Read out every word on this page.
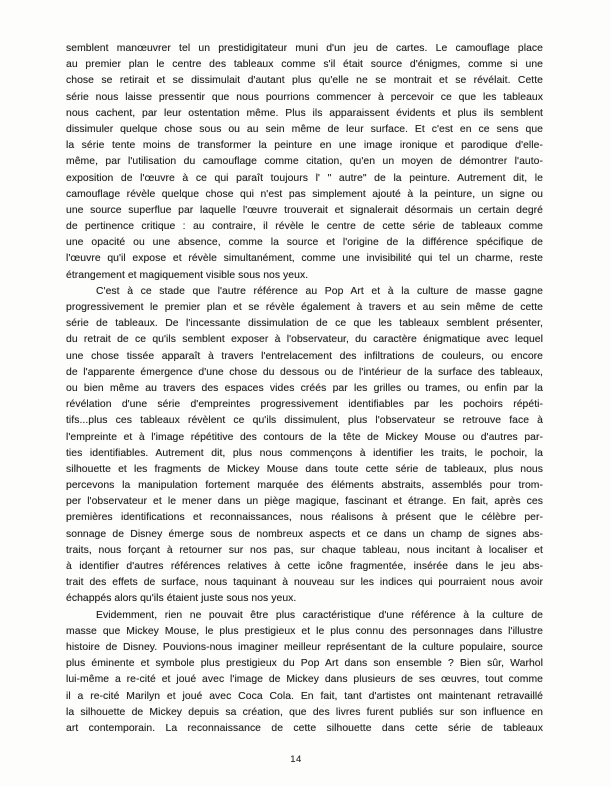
semblent manœuvrer tel un prestidigitateur muni d'un jeu de cartes. Le camouflage place
au premier plan le centre des tableaux comme s'il était source d'énigmes, comme si une
chose se retirait et se dissimulait d'autant plus qu'elle ne se montrait et se révélait. Cette
série nous laisse pressentir que nous pourrions commencer à percevoir ce que les tableaux
nous cachent, par leur ostentation même. Plus ils apparaissent évidents et plus ils semblent
dissimuler quelque chose sous ou au sein même de leur surface. Et c'est en ce sens que
la série tente moins de transformer la peinture en une image ironique et parodique d'elle-
même, par l'utilisation du camouflage comme citation, qu'en un moyen de démontrer l'auto-
exposition de l'œuvre à ce qui paraît toujours l' " autre" de la peinture. Autrement dit, le
camouflage révèle quelque chose qui n'est pas simplement ajouté à la peinture, un signe ou
une source superflue par laquelle l'œuvre trouverait et signalerait désormais un certain degré
de pertinence critique : au contraire, il révèle le centre de cette série de tableaux comme
une opacité ou une absence, comme la source et l'origine de la différence spécifique de
l'œuvre qu'il expose et révèle simultanément, comme une invisibilité qui tel un charme, reste
étrangement et magiquement visible sous nos yeux.
C'est à ce stade que l'autre référence au Pop Art et à la culture de masse gagne
progressivement le premier plan et se révèle également à travers et au sein même de cette
série de tableaux. De l'incessante dissimulation de ce que les tableaux semblent présenter,
du retrait de ce qu'ils semblent exposer à l'observateur, du caractère énigmatique avec lequel
une chose tissée apparaît à travers l'entrelacement des infiltrations de couleurs, ou encore
de l'apparente émergence d'une chose du dessous ou de l'intérieur de la surface des tableaux,
ou bien même au travers des espaces vides créés par les grilles ou trames, ou enfin par la
révélation d'une série d'empreintes progressivement identifiables par les pochoirs répéti-
tifs...plus ces tableaux révèlent ce qu'ils dissimulent, plus l'observateur se retrouve face à
l'empreinte et à l'image répétitive des contours de la tête de Mickey Mouse ou d'autres par-
ties identifiables. Autrement dit, plus nous commençons à identifier les traits, le pochoir, la
silhouette et les fragments de Mickey Mouse dans toute cette série de tableaux, plus nous
percevons la manipulation fortement marquée des éléments abstraits, assemblés pour trom-
per l'observateur et le mener dans un piège magique, fascinant et étrange. En fait, après ces
premières identifications et reconnaissances, nous réalisons à présent que le célèbre per-
sonnage de Disney émerge sous de nombreux aspects et ce dans un champ de signes abs-
traits, nous forçant à retourner sur nos pas, sur chaque tableau, nous incitant à localiser et
à identifier d'autres références relatives à cette icône fragmentée, insérée dans le jeu abs-
trait des effets de surface, nous taquinant à nouveau sur les indices qui pourraient nous avoir
échappés alors qu'ils étaient juste sous nos yeux.
Evidemment, rien ne pouvait être plus caractéristique d'une référence à la culture de
masse que Mickey Mouse, le plus prestigieux et le plus connu des personnages dans l'illustre
histoire de Disney. Pouvions-nous imaginer meilleur représentant de la culture populaire, source
plus éminente et symbole plus prestigieux du Pop Art dans son ensemble ? Bien sûr, Warhol
lui-même a re-cité et joué avec l'image de Mickey dans plusieurs de ses œuvres, tout comme
il a re-cité Marilyn et joué avec Coca Cola. En fait, tant d'artistes ont maintenant retravaillé
la silhouette de Mickey depuis sa création, que des livres furent publiés sur son influence en
art contemporain. La reconnaissance de cette silhouette dans cette série de tableaux
14
